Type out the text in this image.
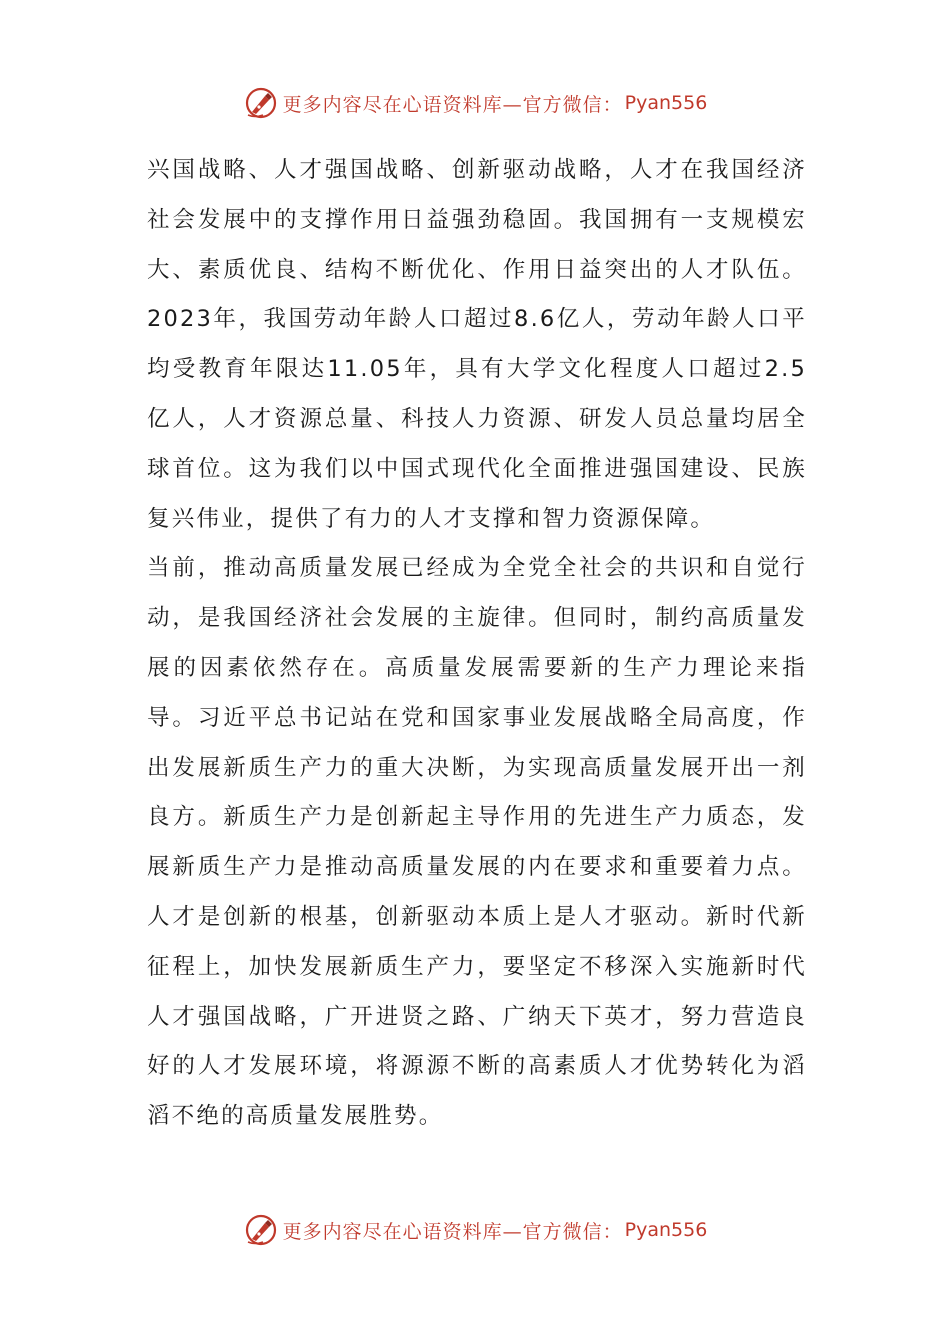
更多内容尽在心语资料库—官方微信： Pyan556

兴国战略、人才强国战略、创新驱动战略，人才在我国经济社会发展中的支撑作用日益强劲稳固。我国拥有一支规模宏大、素质优良、结构不断优化、作用日益突出的人才队伍。2023年，我国劳动年龄人口超过8.6亿人，劳动年龄人口平均受教育年限达11.05年，具有大学文化程度人口超过2.5亿人，人才资源总量、科技人力资源、研发人员总量均居全球首位。这为我们以中国式现代化全面推进强国建设、民族复兴伟业，提供了有力的人才支撑和智力资源保障。

当前，推动高质量发展已经成为全党全社会的共识和自觉行动，是我国经济社会发展的主旋律。但同时，制约高质量发展的因素依然存在。高质量发展需要新的生产力理论来指导。习近平总书记站在党和国家事业发展战略全局高度，作出发展新质生产力的重大决断，为实现高质量发展开出一剂良方。新质生产力是创新起主导作用的先进生产力质态，发展新质生产力是推动高质量发展的内在要求和重要着力点。人才是创新的根基，创新驱动本质上是人才驱动。新时代新征程上，加快发展新质生产力，要坚定不移深入实施新时代人才强国战略，广开进贤之路、广纳天下英才，努力营造良好的人才发展环境，将源源不断的高素质人才优势转化为滔滔不绝的高质量发展胜势。

更多内容尽在心语资料库—官方微信： Pyan556
